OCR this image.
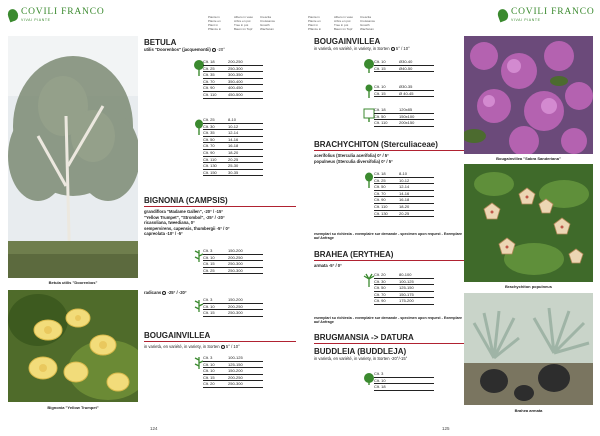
COVILI FRANCO
VIVAI PIANTE
Pianta in
Plante en
Plant in
Pflanze in
Albero in vaso
Arbre en pot
Tree in pot
Baum im Topf
Crescita
Croissance
Growth
Wachstum
Betula utilis "Doorenbos"
Bignonia "Yellow Trumpet"
BETULA
utilis "Doorenbos" (jacquemontii) -20°
Clt. 18	200-250
Clt. 25	250-300
Clt. 35	300-350
Clt. 70	350-400
Clt. 90	400-450
Clt. 110	450-500
Clt. 25	8-10
Clt. 30	10-12
Clt. 35	12-14
Clt. 50	14-16
Clt. 70	16-18
Clt. 90	18-20
Clt. 110	20-25
Clt. 130	25-30
Clt. 150	30-35
BIGNONIA (CAMPSIS)
grandiflora "Madame Gallen", -20° / -15°
"Yellow Trumpet", "Strombol", -25° / -20°
ricasoliana, tweediana, 0°
sempervirens, capensis, thumbergii -5° / 0°
capreolata -10° / -5°
Clt. 3	150-200
Clt. 10	200-250
Clt. 15	250-300
Clt. 25	250-300
radicans -25° / -20°
Clt. 3	150-200
Clt. 10	200-250
Clt. 15	250-300
BOUGAINVILLEA
in varietà, en variété, in variety, in Sorten 5° / 10°
Clt. 3	100-125
Clt. 10	125-150
Clt. 10	150-200
Clt. 15	200-250
Clt. 20	250-300
124
Pianta in
Plante en
Plant in
Pflanze in
Albero in vaso
Arbre en pot
Tree in pot
Baum im Topf
Crescita
Croissance
Growth
Wachstum
COVILI FRANCO
VIVAI PIANTE
BOUGAINVILLEA
in varietà, en variété, in variety, in Sorten 5° / 10°
Clt. 10	Ø30-40
Clt. 15	Ø40-50
Clt. 10	Ø30-35
Clt. 15	Ø 40-45
Clt. 18	120x85
Clt. 50	150x100
Clt. 110	200x150
BRACHYCHITON (Sterculiaceae)
acerifolius (Sterculia acerifolia) 0° / 5°
populneus (Sterculia diversifolia) 0° / 5°
Clt. 18	8-10
Clt. 25	10-12
Clt. 50	12-14
Clt. 70	14-16
Clt. 90	16-18
Clt. 110	18-20
Clt. 130	20-25
esemplari su richiesta - exemplaire sur demande - specimen upon request - Exemplare auf Anfrage
BRAHEA (ERYTHEA)
armata -5° / 0°
Clt. 20	80-100
Clt. 30	100-125
Clt. 50	125-150
Clt. 70	150-175
Clt. 90	175-200
esemplari su richiesta - exemplaire sur demande - specimen upon request - Exemplare auf Anfrage
BRUGMANSIA -> DATURA
BUDDLEIA (BUDDLEJA)
in varietà, en variété, in variety, in Sorten -20°/-15°
Clt. 3
Clt. 10
Clt. 18
Bougainvillea "Sabra Sanderiana"
Brachychiton populneus
Brahea armata
125
